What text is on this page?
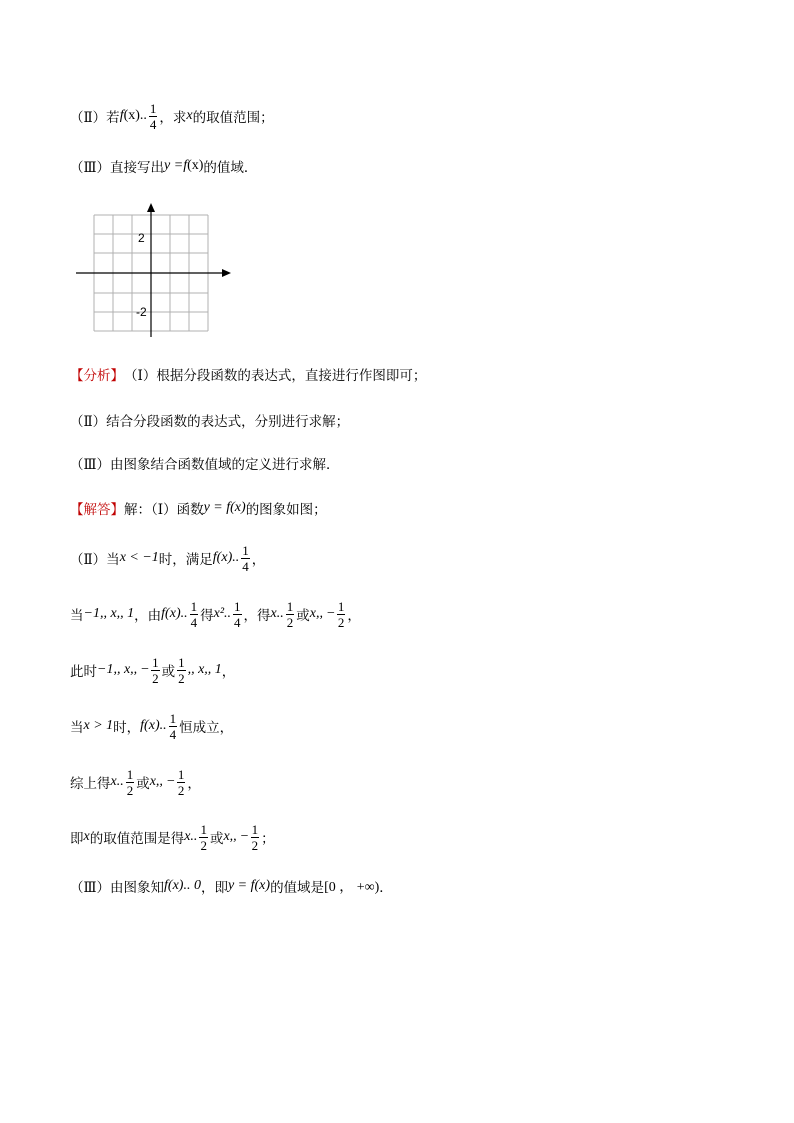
（Ⅱ）若 f (x) .. $\frac{1}{4}$ ，求 x 的取值范围；
（Ⅲ）直接写出 y = f (x) 的值域．
2
-2
【分析】 （Ⅰ）根据分段函数的表达式，直接进行作图即可；
（Ⅱ）结合分段函数的表达式，分别进行求解；
（Ⅲ）由图象结合函数值域的定义进行求解．
【解答】 解：（Ⅰ）函数 y = f(x) 的图象如图；
（Ⅱ）当 x < −1 时，满足 f(x).. $\frac{1}{4}$ ，
当 −1,, x,, 1 ，由 f(x).. $\frac{1}{4}$ 得 x².. $\frac{1}{4}$ ，得 x.. $\frac{1}{2}$ 或 x,, − $\frac{1}{2}$ ，
此时 −1,, x,, − $\frac{1}{2}$ 或 $\frac{1}{2}$ ,, x,, 1 ，
当 x > 1 时， f(x).. $\frac{1}{4}$ 恒成立，
综上得 x.. $\frac{1}{2}$ 或 x,, − $\frac{1}{2}$ ，
即 x 的取值范围是得 x.. $\frac{1}{2}$ 或 x,, − $\frac{1}{2}$ ；
（Ⅲ）由图象知 f(x).. 0 ，即 y = f(x) 的值域是 [0 ， +∞) ．
